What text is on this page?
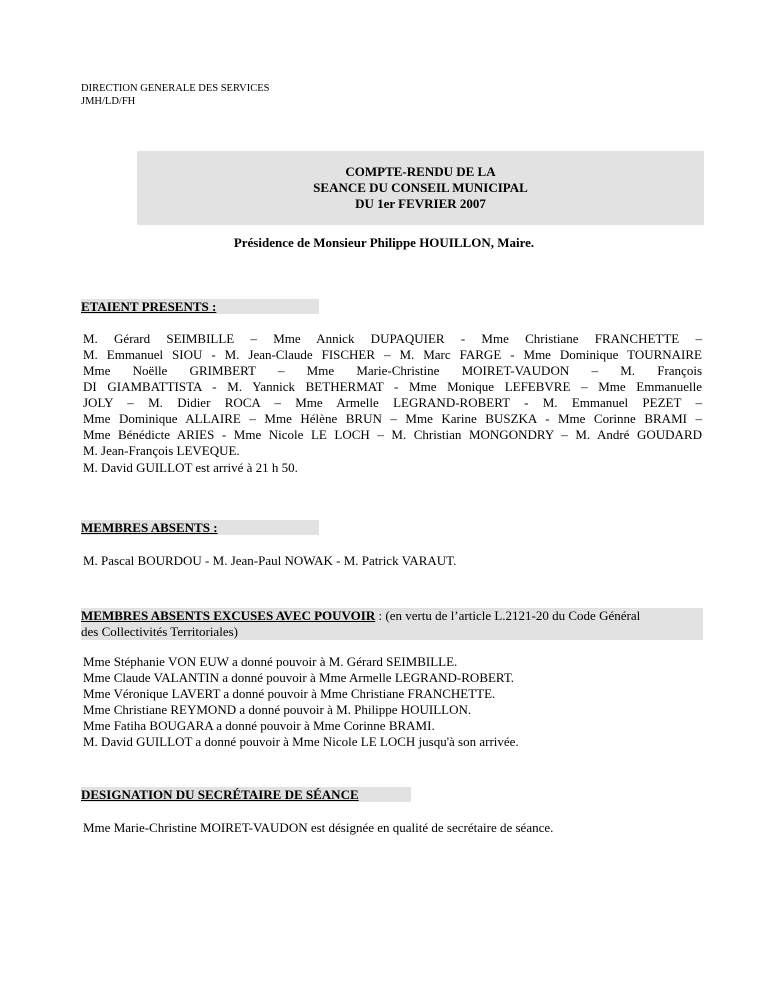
DIRECTION GENERALE DES SERVICES
JMH/LD/FH
COMPTE-RENDU DE LA
SEANCE DU CONSEIL MUNICIPAL
DU 1er FEVRIER 2007
Présidence de Monsieur Philippe HOUILLON, Maire.
ETAIENT PRESENTS :
M. Gérard SEIMBILLE – Mme Annick DUPAQUIER - Mme Christiane FRANCHETTE –
M. Emmanuel SIOU - M. Jean-Claude FISCHER – M. Marc FARGE - Mme Dominique TOURNAIRE
Mme Noëlle GRIMBERT – Mme Marie-Christine MOIRET-VAUDON – M. François
DI GIAMBATTISTA - M. Yannick BETHERMAT - Mme Monique LEFEBVRE – Mme Emmanuelle
JOLY – M. Didier ROCA – Mme Armelle LEGRAND-ROBERT - M. Emmanuel PEZET –
Mme Dominique ALLAIRE – Mme Hélène BRUN – Mme Karine BUSZKA - Mme Corinne BRAMI –
Mme Bénédicte ARIES - Mme Nicole LE LOCH – M. Christian MONGONDRY – M. André GOUDARD
M. Jean-François LEVEQUE.
M. David GUILLOT est arrivé à 21 h 50.
MEMBRES ABSENTS :
M. Pascal BOURDOU - M. Jean-Paul NOWAK - M. Patrick VARAUT.
MEMBRES ABSENTS EXCUSES AVEC POUVOIR : (en vertu de l’article L.2121-20 du Code Général
des Collectivités Territoriales)
Mme Stéphanie VON EUW a donné pouvoir à M. Gérard SEIMBILLE.
Mme Claude VALANTIN a donné pouvoir à Mme Armelle LEGRAND-ROBERT.
Mme Véronique LAVERT a donné pouvoir à Mme Christiane FRANCHETTE.
Mme Christiane REYMOND a donné pouvoir à M. Philippe HOUILLON.
Mme Fatiha BOUGARA a donné pouvoir à Mme Corinne BRAMI.
M. David GUILLOT a donné pouvoir à Mme Nicole LE LOCH jusqu'à son arrivée.
DESIGNATION DU SECRÉTAIRE DE SÉANCE
Mme Marie-Christine MOIRET-VAUDON est désignée en qualité de secrétaire de séance.
